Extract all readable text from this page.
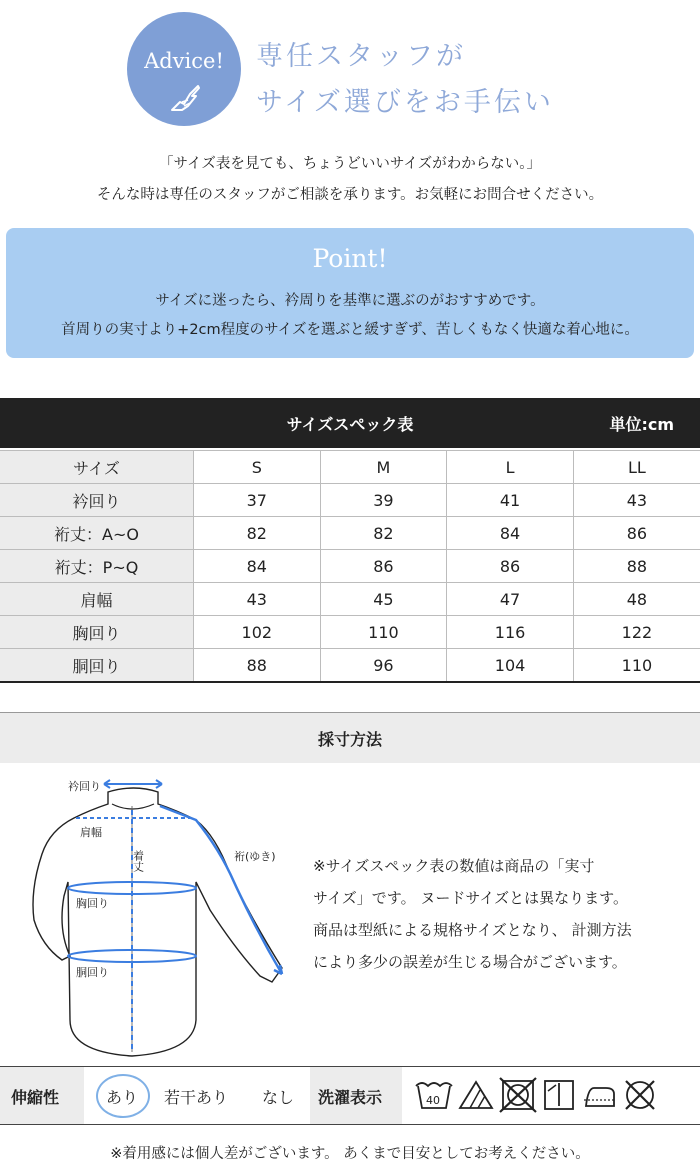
Advice!	専任スタッフが
サイズ選びをお手伝い
「サイズ表を見ても、ちょうどいいサイズがわからない。」
そんな時は専任のスタッフがご相談を承ります。お気軽にお問合せください。
Point!
サイズに迷ったら、衿周りを基準に選ぶのがおすすめです。
首周りの実寸より+2cm程度のサイズを選ぶと緩すぎず、苦しくもなく快適な着心地に。
サイズスペック表	単位:cm
サイズ	S	M	L	LL
衿回り	37	39	41	43
裄丈：A~O	82	82	84	86
裄丈：P~Q	84	86	86	88
肩幅	43	45	47	48
胸回り	102	110	116	122
胴回り	88	96	104	110
採寸方法
衿回り
肩幅
着丈	裄(ゆき)
胸回り
胴回り
※サイズスペック表の数値は商品の「実寸
サイズ」です。 ヌードサイズとは異なります。
商品は型紙による規格サイズとなり、 計測方法
により多少の誤差が生じる場合がございます。
伸縮性	あり 若干あり なし 洗濯表示	40
※着用感には個人差がございます。 あくまで目安としてお考えください。
